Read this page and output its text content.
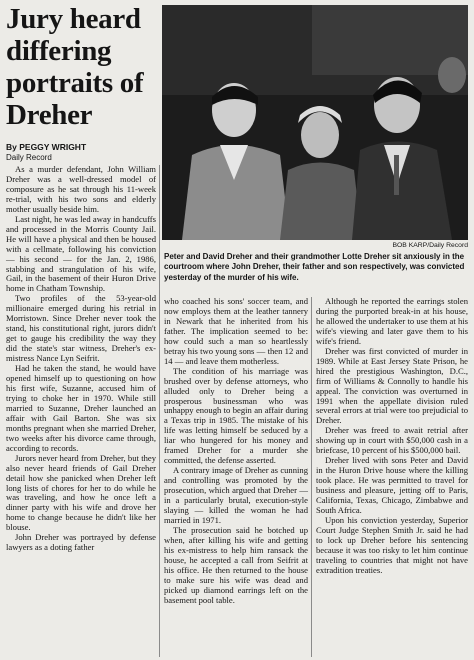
Jury heard differing portraits of Dreher
By PEGGY WRIGHT
Daily Record
BOB KARP/Daily Record
Peter and David Dreher and their grandmother Lotte Dreher sit anxiously in the courtroom where John Dreher, their father and son respectively, was convicted yesterday of the murder of his wife.

As a murder defendant, John William Dreher was a well-dressed model of composure as he sat through his 11-week re-trial, with his two sons and elderly mother usually beside him.

Last night, he was led away in handcuffs and processed in the Morris County Jail. He will have a physical and then be housed with a cellmate, following his conviction — his second — for the Jan. 2, 1986, stabbing and strangulation of his wife, Gail, in the basement of their Huron Drive home in Chatham Township.

Two profiles of the 53-year-old millionaire emerged during his retrial in Morristown. Since Dreher never took the stand, his constitutional right, jurors didn't get to gauge his credibility the way they did the state's star witness, Dreher's ex-mistress Nance Lyn Seifrit.

Had he taken the stand, he would have opened himself up to questioning on how his first wife, Suzanne, accused him of trying to choke her in 1970. While still married to Suzanne, Dreher launched an affair with Gail Barton. She was six months pregnant when she married Dreher, two weeks after his divorce came through, according to records.

Jurors never heard from Dreher, but they also never heard friends of Gail Dreher detail how she panicked when Dreher left long lists of chores for her to do while he was traveling, and how he once left a dinner party with his wife and drove her home to change because he didn't like her blouse.

John Dreher was portrayed by defense lawyers as a doting father

who coached his sons' soccer team, and now employs them at the leather tannery in Newark that he inherited from his father. The implication seemed to be: how could such a man so heartlessly betray his two young sons — then 12 and 14 — and leave them motherless.

The condition of his marriage was brushed over by defense attorneys, who alluded only to Dreher being a prosperous businessman who was unhappy enough to begin an affair during a Texas trip in 1985. The mistake of his life was letting himself be seduced by a liar who hungered for his money and framed Dreher for a murder she committed, the defense asserted.

A contrary image of Dreher as cunning and controlling was promoted by the prosecution, which argued that Dreher — in a particularly brutal, execution-style slaying — killed the woman he had married in 1971.

The prosecution said he botched up when, after killing his wife and getting his ex-mistress to help him ransack the house, he accepted a call from Seifrit at his office. He then returned to the house to make sure his wife was dead and picked up diamond earrings left on the basement pool table.

Although he reported the earrings stolen during the purported break-in at his house, he allowed the undertaker to use them at his wife's viewing and later gave them to his wife's friend.

Dreher was first convicted of murder in 1989. While at East Jersey State Prison, he hired the prestigious Washington, D.C., firm of Williams & Connolly to handle his appeal. The conviction was overturned in 1991 when the appellate division ruled several errors at trial were too prejudicial to Dreher.

Dreher was freed to await retrial after showing up in court with $50,000 cash in a briefcase, 10 percent of his $500,000 bail.

Dreher lived with sons Peter and David in the Huron Drive house where the killing took place. He was permitted to travel for business and pleasure, jetting off to Paris, California, Texas, Chicago, Zimbabwe and South Africa.

Upon his conviction yesterday, Superior Court Judge Stephen Smith Jr. said he had to lock up Dreher before his sentencing because it was too risky to let him continue traveling to countries that might not have extradition treaties.
